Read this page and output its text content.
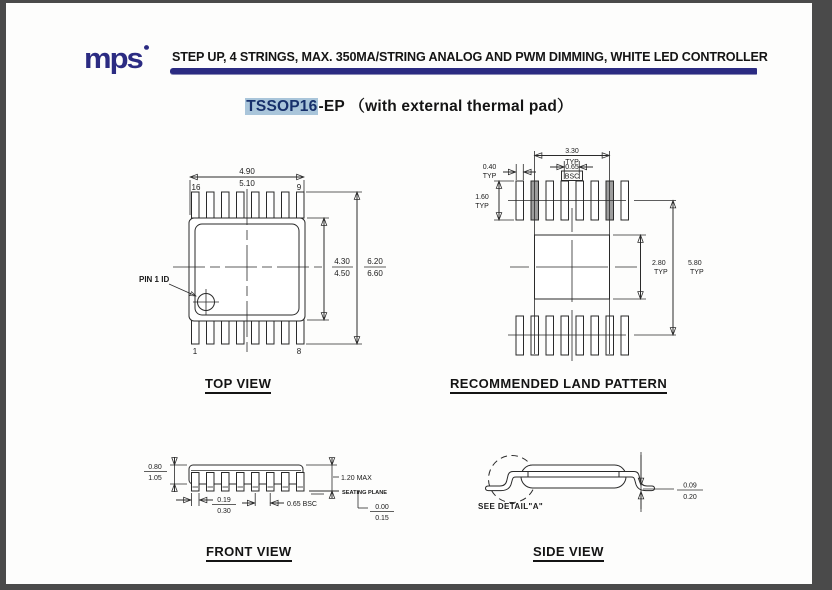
mps STEP UP, 4 STRINGS, MAX. 350MA/STRING ANALOG AND PWM DIMMING, WHITE LED CONTROLLER
TSSOP16-EP （with external thermal pad）
4.90
5.10
16	9
1	8
PIN 1 ID
4.30
4.50
6.20
6.60
3.30
TYP
0.65
BSC
0.40
TYP
1.60
TYP
2.80
TYP
5.80
TYP
0.80
1.05	1.20 MAX
SEATING PLANE
0.19
0.30
0.65 BSC	0.00
0.15
SEE DETAIL"A"
0.09
0.20
TOP VIEW	RECOMMENDED LAND PATTERN
FRONT VIEW	SIDE VIEW
